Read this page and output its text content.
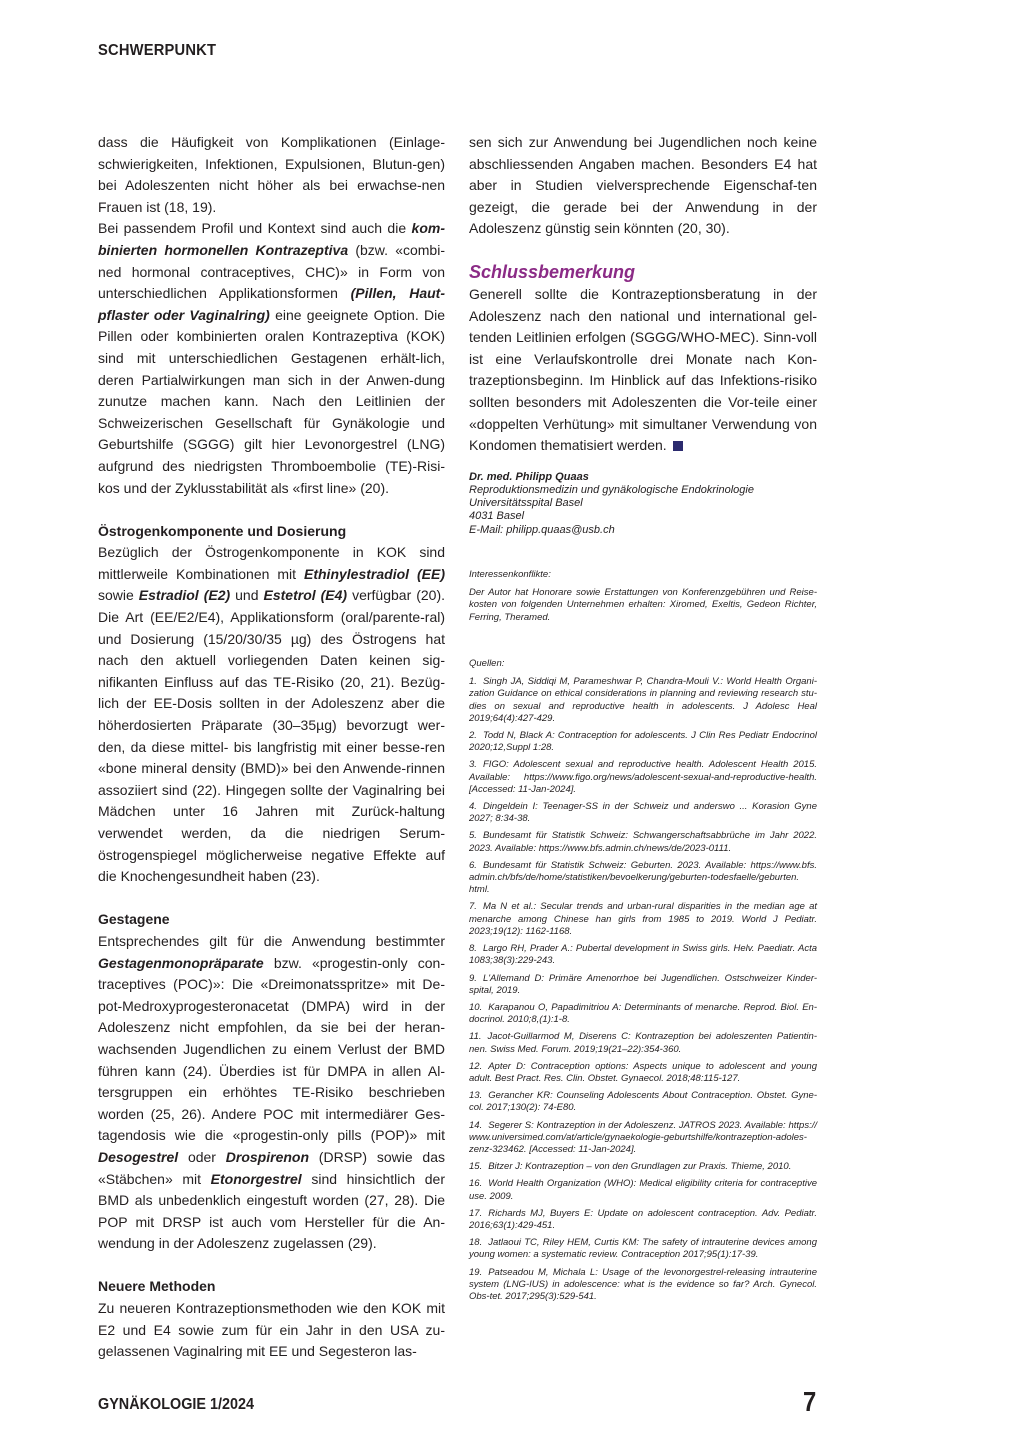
SCHWERPUNKT

dass die Häufigkeit von Komplikationen (Einlage-schwierigkeiten, Infektionen, Expulsionen, Blutun-gen) bei Adoleszenten nicht höher als bei erwachse-nen Frauen ist (18, 19).

Bei passendem Profil und Kontext sind auch die kom-binierten hormonellen Kontrazeptiva (bzw. «combi-ned hormonal contraceptives, CHC)» in Form von unterschiedlichen Applikationsformen (Pillen, Haut-pflaster oder Vaginalring) eine geeignete Option. Die Pillen oder kombinierten oralen Kontrazeptiva (KOK) sind mit unterschiedlichen Gestagenen erhält-lich, deren Partialwirkungen man sich in der Anwen-dung zunutze machen kann. Nach den Leitlinien der Schweizerischen Gesellschaft für Gynäkologie und Geburtshilfe (SGGG) gilt hier Levonorgestrel (LNG) aufgrund des niedrigsten Thromboembolie (TE)-Risi-kos und der Zyklusstabilität als «first line» (20).

Östrogenkomponente und Dosierung

Bezüglich der Östrogenkomponente in KOK sind mittlerweile Kombinationen mit Ethinylestradiol (EE) sowie Estradiol (E2) und Estetrol (E4) verfügbar (20). Die Art (EE/E2/E4), Applikationsform (oral/parente-ral) und Dosierung (15/20/30/35 µg) des Östrogens hat nach den aktuell vorliegenden Daten keinen sig-nifikanten Einfluss auf das TE-Risiko (20, 21). Bezüg-lich der EE-Dosis sollten in der Adoleszenz aber die höherdosierten Präparate (30–35µg) bevorzugt wer-den, da diese mittel- bis langfristig mit einer besse-ren «bone mineral density (BMD)» bei den Anwende-rinnen assoziiert sind (22). Hingegen sollte der Vaginalring bei Mädchen unter 16 Jahren mit Zurück-haltung verwendet werden, da die niedrigen Serum-östrogenspiegel möglicherweise negative Effekte auf die Knochengesundheit haben (23).

Gestagene

Entsprechendes gilt für die Anwendung bestimmter Gestagenmonopräparate bzw. «progestin-only con-traceptives (POC)»: Die «Dreimonatsspritze» mit De-pot-Medroxyprogesteronacetat (DMPA) wird in der Adoleszenz nicht empfohlen, da sie bei der heran-wachsenden Jugendlichen zu einem Verlust der BMD führen kann (24). Überdies ist für DMPA in allen Al-tersgruppen ein erhöhtes TE-Risiko beschrieben worden (25, 26). Andere POC mit intermediärer Ges-tagendosis wie die «progestin-only pills (POP)» mit Desogestrel oder Drospirenon (DRSP) sowie das «Stäbchen» mit Etonorgestrel sind hinsichtlich der BMD als unbedenklich eingestuft worden (27, 28). Die POP mit DRSP ist auch vom Hersteller für die An-wendung in der Adoleszenz zugelassen (29).

Neuere Methoden

Zu neueren Kontrazeptionsmethoden wie den KOK mit E2 und E4 sowie zum für ein Jahr in den USA zu-gelassenen Vaginalring mit EE und Segesteron las-

sen sich zur Anwendung bei Jugendlichen noch keine abschliessenden Angaben machen. Besonders E4 hat aber in Studien vielversprechende Eigenschaf-ten gezeigt, die gerade bei der Anwendung in der Adoleszenz günstig sein könnten (20, 30).

Schlussbemerkung

Generell sollte die Kontrazeptionsberatung in der Adoleszenz nach den national und international gel-tenden Leitlinien erfolgen (SGGG/WHO-MEC). Sinn-voll ist eine Verlaufskontrolle drei Monate nach Kon-trazeptionsbeginn. Im Hinblick auf das Infektions-risiko sollten besonders mit Adoleszenten die Vor-teile einer «doppelten Verhütung» mit simultaner Verwendung von Kondomen thematisiert werden.

Dr. med. Philipp Quaas
Reproduktionsmedizin und gynäkologische Endokrinologie
Universitätsspital Basel
4031 Basel
E-Mail: philipp.quaas@usb.ch

Interessenkonflikte:

Der Autor hat Honorare sowie Erstattungen von Konferenzgebühren und Reise-kosten von folgenden Unternehmen erhalten: Xiromed, Exeltis, Gedeon Richter, Ferring, Theramed.

Quellen:

1. Singh JA, Siddiqi M, Parameshwar P, Chandra-Mouli V.: World Health Organi-zation Guidance on ethical considerations in planning and reviewing research stu-dies on sexual and reproductive health in adolescents. J Adolesc Heal 2019;64(4):427-429.
2. Todd N, Black A: Contraception for adolescents. J Clin Res Pediatr Endocrinol 2020;12,Suppl 1:28.
3. FIGO: Adolescent sexual and reproductive health. Adolescent Health 2015. Available: https://www.figo.org/news/adolescent-sexual-and-reproductive-health. [Accessed: 11-Jan-2024].
4. Dingeldein I: Teenager-SS in der Schweiz und anderswo ... Korasion Gyne 2027; 8:34-38.
5. Bundesamt für Statistik Schweiz: Schwangerschaftsabbrüche im Jahr 2022. 2023. Available: https://www.bfs.admin.ch/news/de/2023-0111.
6. Bundesamt für Statistik Schweiz: Geburten. 2023. Available: https://www.bfs. admin.ch/bfs/de/home/statistiken/bevoelkerung/geburten-todesfaelle/geburten. html.
7. Ma N et al.: Secular trends and urban-rural disparities in the median age at menarche among Chinese han girls from 1985 to 2019. World J Pediatr. 2023;19(12): 1162-1168.
8. Largo RH, Prader A.: Pubertal development in Swiss girls. Helv. Paediatr. Acta 1083;38(3):229-243.
9. L'Allemand D: Primäre Amenorrhoe bei Jugendlichen. Ostschweizer Kinder-spital, 2019.
10. Karapanou O, Papadimitriou A: Determinants of menarche. Reprod. Biol. En-docrinol. 2010;8,(1):1-8.
11. Jacot-Guillarmod M, Diserens C: Kontrazeption bei adoleszenten Patientin-nen. Swiss Med. Forum. 2019;19(21–22):354-360.
12. Apter D: Contraception options: Aspects unique to adolescent and young adult. Best Pract. Res. Clin. Obstet. Gynaecol. 2018;48:115-127.
13. Gerancher KR: Counseling Adolescents About Contraception. Obstet. Gyne-col. 2017;130(2): 74-E80.
14. Segerer S: Kontrazeption in der Adoleszenz. JATROS 2023. Available: https:// www.universimed.com/at/article/gynaekologie-geburtshilfe/kontrazeption-adoles-zenz-323462. [Accessed: 11-Jan-2024].
15. Bitzer J: Kontrazeption – von den Grundlagen zur Praxis. Thieme, 2010.
16. World Health Organization (WHO): Medical eligibility criteria for contraceptive use. 2009.
17. Richards MJ, Buyers E: Update on adolescent contraception. Adv. Pediatr. 2016;63(1):429-451.
18. Jatlaoui TC, Riley HEM, Curtis KM: The safety of intrauterine devices among young women: a systematic review. Contraception 2017;95(1):17-39.
19. Patseadou M, Michala L: Usage of the levonorgestrel-releasing intrauterine system (LNG-IUS) in adolescence: what is the evidence so far? Arch. Gynecol. Obs-tet. 2017;295(3):529-541.
GYNÄKOLOGIE 1/2024	7
